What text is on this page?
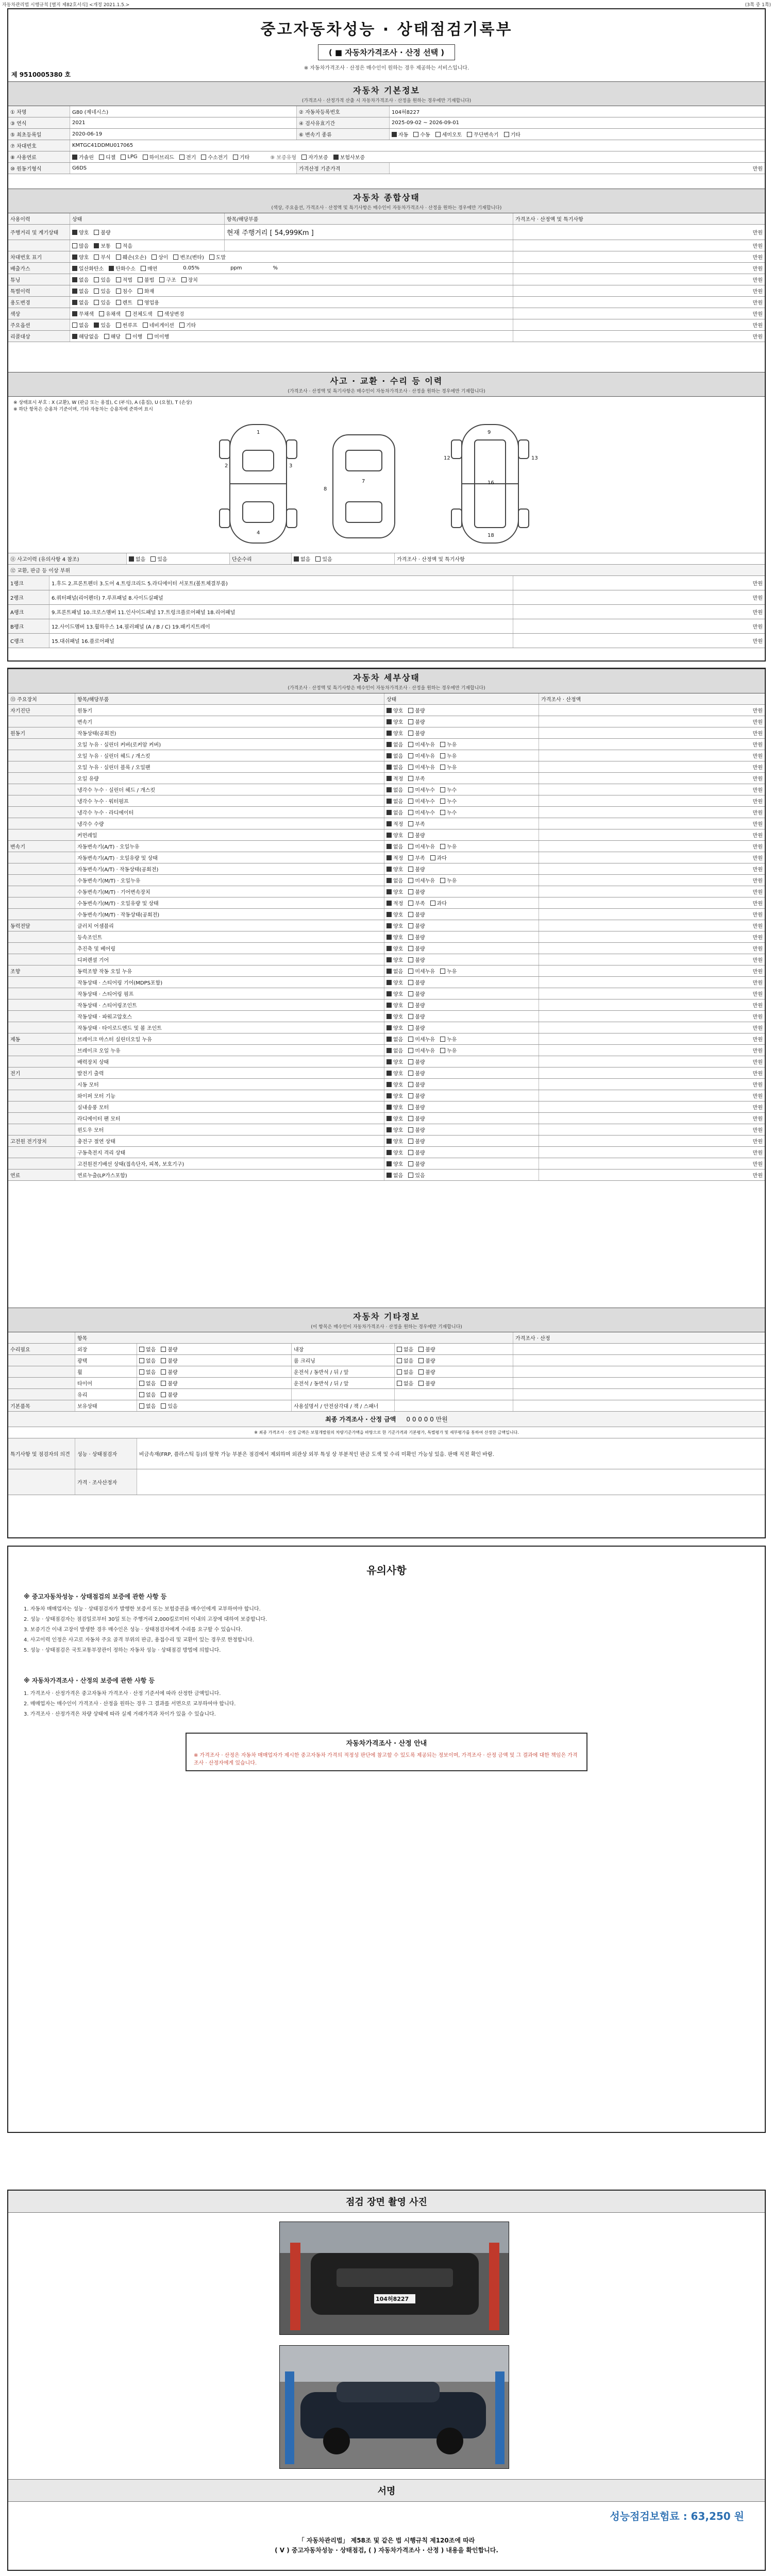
자동차관리법 시행규칙 [별지 제82호서식] <개정 2021.1.5.>	(3쪽 중 1쪽)
중고자동차성능 · 상태점검기록부
( ■ 자동차가격조사 · 산정 선택 )
※ 자동차가격조사 · 산정은 매수인이 원하는 경우 제공하는 서비스입니다.
제 9510005380 호
자동차 기본정보
(가격조사 · 산정가격 산출 시 자동차가격조사 · 산정을 원하는 경우에만 기재합니다)
① 차명	G80 (제네시스)	② 자동차등록번호	104허8227
③ 연식	2021	④ 검사유효기간	2025-09-02 ~ 2026-09-01
⑤ 최초등록일	2020-06-19	⑥ 변속기 종류	자동 수동 세미오토 무단변속기 기타
⑦ 차대번호	KMTGC41DDMU017065
⑧ 사용연료	가솔린 디젤 LPG 하이브리드 전기 수소전기 기타	⑨ 보증유형 자가보증 보험사보증
⑩ 원동기형식	G6DS	가격산정 기준가격	만원
자동차 종합상태
(색상, 주요옵션, 가격조사 · 산정액 및 특기사항은 매수인이 자동차가격조사 · 산정을 원하는 경우에만 기재합니다)
사용이력	상태	항목/해당부품	가격조사 · 산정액 및 특기사항
주행거리 및 계기상태	양호 불량	현재 주행거리 [ 54,999Km ]	만원
많음 보통 적음	만원
차대번호 표기	양호 부식 훼손(오손) 상이 변조(변타) 도말	만원
배출가스	일산화탄소 탄화수소 매연	0.05%	ppm	%	만원
튜닝	없음 있음 적법 불법 구조 장치	만원
특별이력	없음 있음 침수 화재	만원
용도변경	없음 있음 렌트 영업용	만원
색상	무채색 유채색 전체도색 색상변경	만원
주요옵션	없음 있음 썬루프 네비게이션 기타	만원
리콜대상	해당없음 해당 이행 미이행	만원
사고 · 교환 · 수리 등 이력
(가격조사 · 산정액 및 특기사항은 매수인이 자동차가격조사 · 산정을 원하는 경우에만 기재합니다)
※ 상태표시 부호 : X (교환), W (판금 또는 용접), C (부식), A (흠집), U (요철), T (손상)
※ 하단 항목은 승용차 기준이며, 기타 자동차는 승용차에 준하여 표시
1
2	3
4
7
8
9
16
18
13
12
⑪ 사고이력 (유의사항 4 참조)	없음 있음	단순수리	없음 있음	가격조사 · 산정액 및 특기사항
⑫ 교환, 판금 등 이상 부위
1랭크	1.후드 2.프론트펜더 3.도어 4.트렁크리드 5.라디에이터 서포트(볼트체결부품)	만원
2랭크	6.쿼터패널(리어펜더) 7.루프패널 8.사이드실패널	만원
A랭크	9.프론트패널 10.크로스멤버 11.인사이드패널 17.트렁크플로어패널 18.리어패널	만원
B랭크	12.사이드멤버 13.휠하우스 14.필러패널 (A / B / C) 19.패키지트레이	만원
C랭크	15.대쉬패널 16.플로어패널	만원
자동차 세부상태
(가격조사 · 산정액 및 특기사항은 매수인이 자동차가격조사 · 산정을 원하는 경우에만 기재합니다)
⑬ 주요장치	항목/해당부품	상태	가격조사 · 산정액
자기진단	원동기	양호 불량	만원
변속기	양호 불량	만원
원동기	작동상태(공회전)	양호 불량	만원
오일 누유 · 실린더 커버(로커암 커버)	없음 미세누유 누유	만원
오일 누유 · 실린더 헤드 / 개스킷	없음 미세누유 누유	만원
오일 누유 · 실린더 블록 / 오일팬	없음 미세누유 누유	만원
오일 유량	적정 부족	만원
냉각수 누수 · 실린더 헤드 / 개스킷	없음 미세누수 누수	만원
냉각수 누수 · 워터펌프	없음 미세누수 누수	만원
냉각수 누수 · 라디에이터	없음 미세누수 누수	만원
냉각수 수량	적정 부족	만원
커먼레일	양호 불량	만원
변속기	자동변속기(A/T) · 오일누유	없음 미세누유 누유	만원
자동변속기(A/T) · 오일유량 및 상태	적정 부족 과다	만원
자동변속기(A/T) · 작동상태(공회전)	양호 불량	만원
수동변속기(M/T) · 오일누유	없음 미세누유 누유	만원
수동변속기(M/T) · 기어변속장치	양호 불량	만원
수동변속기(M/T) · 오일유량 및 상태	적정 부족 과다	만원
수동변속기(M/T) · 작동상태(공회전)	양호 불량	만원
동력전달	클러치 어셈블리	양호 불량	만원
등속조인트	양호 불량	만원
추진축 및 베어링	양호 불량	만원
디퍼렌셜 기어	양호 불량	만원
조향	동력조향 작동 오일 누유	없음 미세누유 누유	만원
작동상태 · 스티어링 기어(MDPS포함)	양호 불량	만원
작동상태 · 스티어링 펌프	양호 불량	만원
작동상태 · 스티어링조인트	양호 불량	만원
작동상태 · 파워고압호스	양호 불량	만원
작동상태 · 타이로드엔드 및 볼 조인트	양호 불량	만원
제동	브레이크 마스터 실린더오일 누유	없음 미세누유 누유	만원
브레이크 오일 누유	없음 미세누유 누유	만원
배력장치 상태	양호 불량	만원
전기	발전기 출력	양호 불량	만원
시동 모터	양호 불량	만원
와이퍼 모터 기능	양호 불량	만원
실내송풍 모터	양호 불량	만원
라디에이터 팬 모터	양호 불량	만원
윈도우 모터	양호 불량	만원
고전원 전기장치	충전구 절연 상태	양호 불량	만원
구동축전지 격리 상태	양호 불량	만원
고전원전기배선 상태(접속단자, 피복, 보호기구)	양호 불량	만원
연료	연료누출(LP가스포함)	없음 있음	만원
자동차 기타정보
(이 항목은 매수인이 자동차가격조사 · 산정을 원하는 경우에만 기재합니다)
항목	가격조사 · 산정
수리필요	외장	없음 불량	내장	없음 불량
광택	없음 불량	룸 크리닝	없음 불량
휠	없음 불량	운전석 / 동반석 / 뒤 / 앞	없음 불량
타이어	없음 불량	운전석 / 동반석 / 뒤 / 앞	없음 불량
유리	없음 불량
기본품목	보유상태	없음 있음	사용설명서 / 안전삼각대 / 잭 / 스패너
최종 가격조사 · 산정 금액 0 0 0 0 0 만원
※ 최종 가격조사 · 산정 금액은 보험개발원의 차량기준가액을 바탕으로 한 기준가격과 기본평가, 특별평가 및 세부평가를 통하여 산정한 금액입니다.
특기사항 및 점검자의 의견	성능 · 상태점검자	비금속재(FRP, 플라스틱 등)의 탈착 가능 부분은 점검에서 제외하며 외관상 외부 특성 상 부분적인 판금 도색 및 수리 미확인 가능성 있음. 판매 직전 확인 바람.
가격 · 조사산정자
유의사항
※ 중고자동차성능 · 상태점검의 보증에 관한 사항 등

1. 자동차 매매업자는 성능 · 상태점검자가 발행한 보증서 또는 보험증권을 매수인에게 교부하여야 합니다.

2. 성능 · 상태점검자는 점검일로부터 30일 또는 주행거리 2,000킬로미터 이내의 고장에 대하여 보증합니다.

3. 보증기간 이내 고장이 발생한 경우 매수인은 성능 · 상태점검자에게 수리를 요구할 수 있습니다.

4. 사고이력 인정은 사고로 자동차 주요 골격 부위의 판금, 용접수리 및 교환이 있는 경우로 한정합니다.

5. 성능 · 상태점검은 국토교통부장관이 정하는 자동차 성능 · 상태점검 방법에 의합니다.

※ 자동차가격조사 · 산정의 보증에 관한 사항 등

1. 가격조사 · 산정가격은 중고자동차 가격조사 · 산정 기준서에 따라 산정한 금액입니다.

2. 매매업자는 매수인이 가격조사 · 산정을 원하는 경우 그 결과를 서면으로 교부하여야 합니다.

3. 가격조사 · 산정가격은 차량 상태에 따라 실제 거래가격과 차이가 있을 수 있습니다.

자동차가격조사 · 산정 안내
※ 가격조사 · 산정은 자동차 매매업자가 제시한 중고자동차 가격의 적정성 판단에 참고할 수 있도록 제공되는 정보이며, 가격조사 · 산정 금액 및 그 결과에 대한 책임은 가격조사 · 산정자에게 있습니다.
점검 장면 촬영 사진
104허8227
서명
성능점검보험료 : 63,250 원
「 자동차관리법」 제58조 및 같은 법 시행규칙 제120조에 따라
( V ) 중고자동차성능 · 상태점검, ( ) 자동차가격조사 · 산정 ) 내용을 확인합니다.
